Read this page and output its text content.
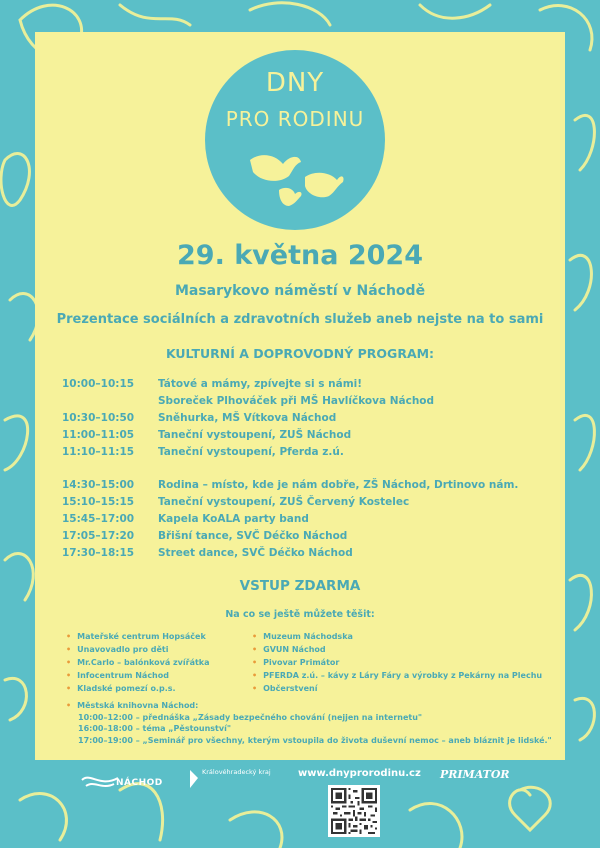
DNY
PRO RODINU
29. května 2024
Masarykovo náměstí v Náchodě
Prezentace sociálních a zdravotních služeb aneb nejste na to sami
KULTURNÍ A DOPROVODNÝ PROGRAM:
10:00–10:15	Tátové a mámy, zpívejte si s námi!
Sboreček Plhováček při MŠ Havlíčkova Náchod
10:30–10:50	Sněhurka, MŠ Vítkova Náchod
11:00–11:05	Taneční vystoupení, ZUŠ Náchod
11:10–11:15	Taneční vystoupení, Pferda z.ú.
14:30–15:00	Rodina – místo, kde je nám dobře, ZŠ Náchod, Drtinovo nám.
15:10–15:15	Taneční vystoupení, ZUŠ Červený Kostelec
15:45–17:00	Kapela KoALA party band
17:05–17:20	Břišní tance, SVČ Déčko Náchod
17:30–18:15	Street dance, SVČ Déčko Náchod
VSTUP ZDARMA
Na co se ještě můžete těšit:
• Mateřské centrum Hopsáček
• Unavovadlo pro děti
• Mr.Carlo – balónková zvířátka
• Infocentrum Náchod
• Kladské pomezí o.p.s.
• Muzeum Náchodska
• GVUN Náchod
• Pivovar Primátor
• PFERDA z.ú. – kávy z Láry Fáry a výrobky z Pekárny na Plechu
• Občerstvení
• Městská knihovna Náchod:
10:00–12:00 – přednáška „Zásady bezpečného chování (nejjen na internetu"
16:00–18:00 – téma „Pěstounství"
17:00–19:00 – „Seminář pro všechny, kterým vstoupila do života duševní nemoc – aneb bláznit je lidské."
NÁCHOD
Královéhradecký kraj	www.dnyprorodinu.cz PRIMATOR
